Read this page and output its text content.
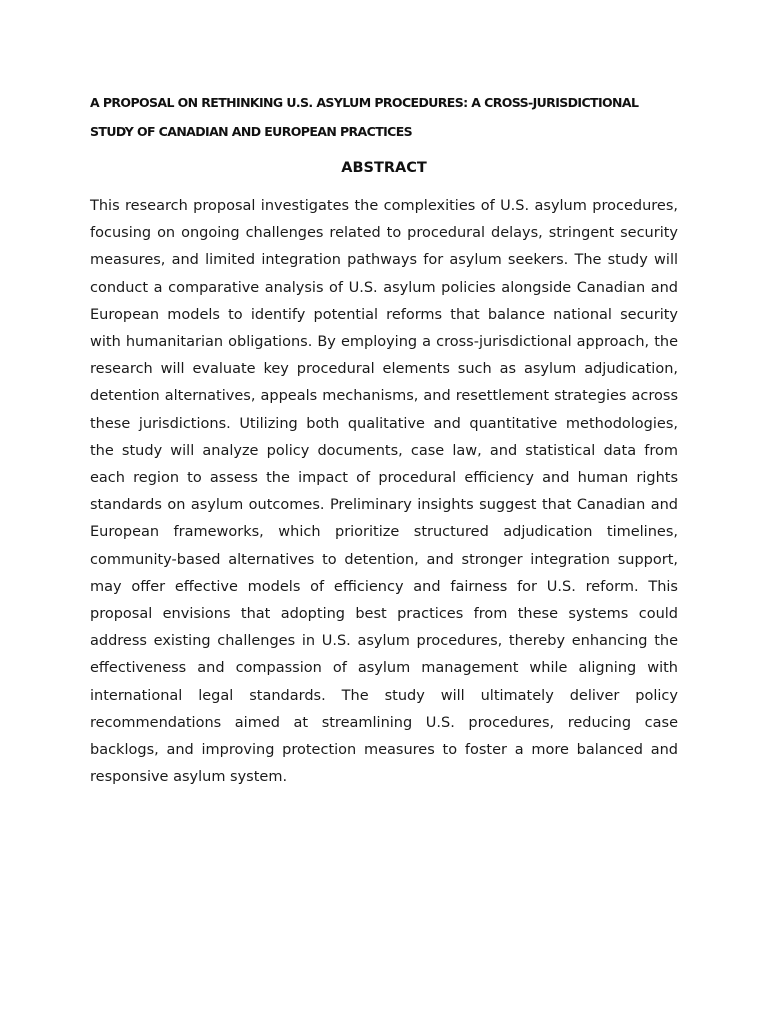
A PROPOSAL ON RETHINKING U.S. ASYLUM PROCEDURES: A CROSS-JURISDICTIONAL STUDY OF CANADIAN AND EUROPEAN PRACTICES
ABSTRACT

This research proposal investigates the complexities of U.S. asylum procedures, focusing on ongoing challenges related to procedural delays, stringent security measures, and limited integration pathways for asylum seekers. The study will conduct a comparative analysis of U.S. asylum policies alongside Canadian and European models to identify potential reforms that balance national security with humanitarian obligations. By employing a cross-jurisdictional approach, the research will evaluate key procedural elements such as asylum adjudication, detention alternatives, appeals mechanisms, and resettlement strategies across these jurisdictions. Utilizing both qualitative and quantitative methodologies, the study will analyze policy documents, case law, and statistical data from each region to assess the impact of procedural efficiency and human rights standards on asylum outcomes. Preliminary insights suggest that Canadian and European frameworks, which prioritize structured adjudication timelines, community-based alternatives to detention, and stronger integration support, may offer effective models of efficiency and fairness for U.S. reform. This proposal envisions that adopting best practices from these systems could address existing challenges in U.S. asylum procedures, thereby enhancing the effectiveness and compassion of asylum management while aligning with international legal standards. The study will ultimately deliver policy recommendations aimed at streamlining U.S. procedures, reducing case backlogs, and improving protection measures to foster a more balanced and responsive asylum system.
